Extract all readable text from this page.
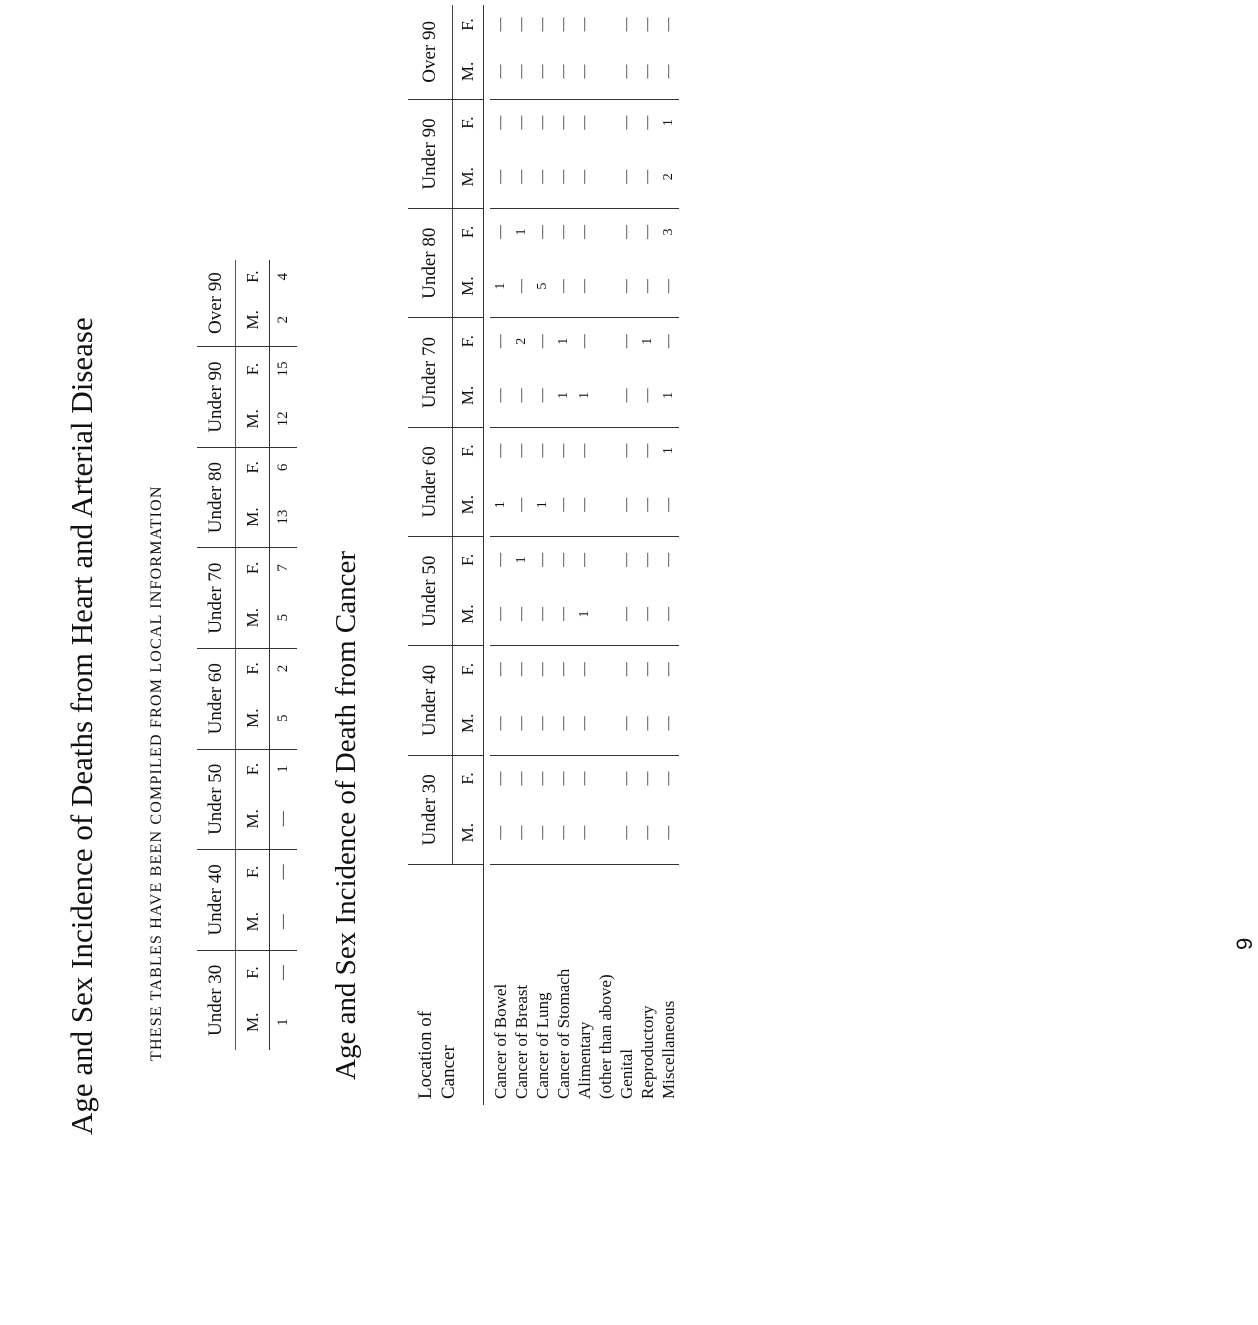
Age and Sex Incidence of Deaths from Heart and Arterial Disease	THESE TABLES HAVE BEEN COMPILED FROM LOCAL INFORMATION Under 30		Under 40		Under 50		Under 60		Under 70		Under 80		Under 90		Over 90	
M.	F.	M.	F.	M.	F.	M.	F.	M.	F.	M.	F.	M.	F.	M.	F.
1	—	—	—	—	1	5	2	5	7	13	6	12	15	2	4
Age and Sex Incidence of Death from Cancer	Location of Cancer	Under 30		Under 40		Under 50		Under 60		Under 70		Under 80		Under 90		Over 90	
	M.	F.	M.	F.	M.	F.	M.	F.	M.	F.	M.	F.	M.	F.	M.	F.

Cancer of Bowel	—	—	—	—	—	—	1	—	—	—	1	—	—	—	—	—
Cancer of Breast	—	—	—	—	—	1	—	—	—	2	—	1	—	—	—	—
Cancer of Lung	—	—	—	—	—	—	1	—	—	—	5	—	—	—	—	—
Cancer of Stomach	—	—	—	—	—	—	—	—	1	1	—	—	—	—	—	—
Alimentary	—	—	—	—	1	—	—	—	1	—	—	—	—	—	—	—
(other than above)																
Genital	—	—	—	—	—	—	—	—	—	—	—	—	—	—	—	—
Reproductory	—	—	—	—	—	—	—	—	—	1	—	—	—	—	—	—
Miscellaneous	—	—	—	—	—	—	—	1	1	—	—	3	2	1	—	—
9
